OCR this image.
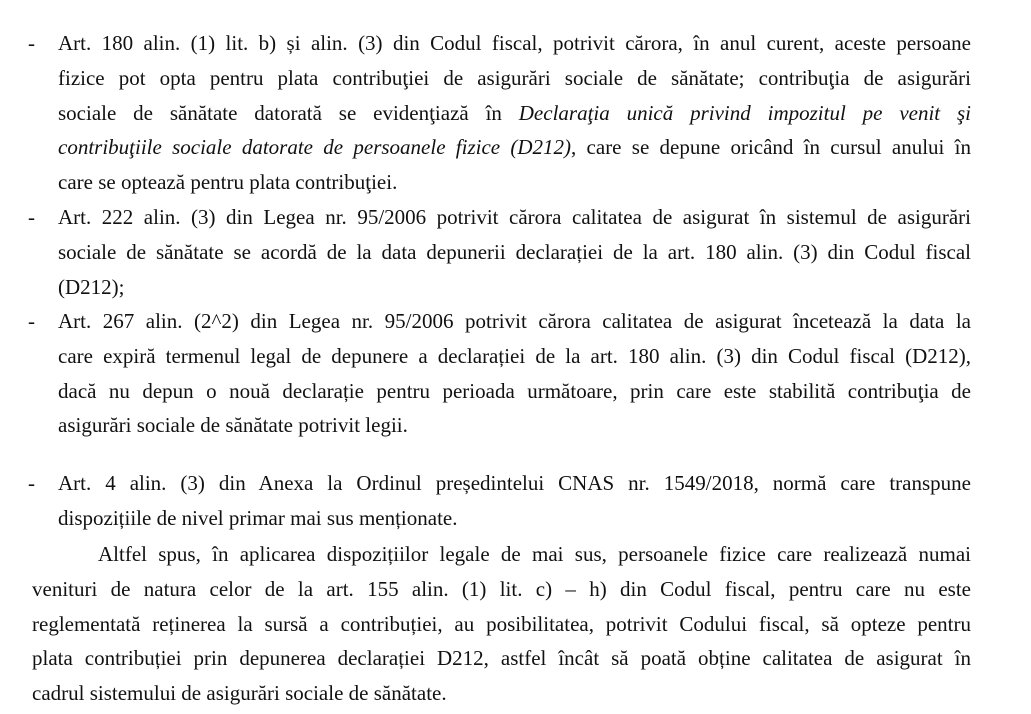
- Art. 180 alin. (1) lit. b) și alin. (3) din Codul fiscal, potrivit cărora, în anul curent, aceste persoane
fizice pot opta pentru plata contribuţiei de asigurări sociale de sănătate; contribuţia de asigurări
sociale de sănătate datorată se evidenţiază în Declaraţia unică privind impozitul pe venit şi
contribuţiile sociale datorate de persoanele fizice (D212), care se depune oricând în cursul anului în
care se optează pentru plata contribuţiei.
- Art. 222 alin. (3) din Legea nr. 95/2006 potrivit cărora calitatea de asigurat în sistemul de asigurări
sociale de sănătate se acordă de la data depunerii declarației de la art. 180 alin. (3) din Codul fiscal
(D212);
- Art. 267 alin. (2^2) din Legea nr. 95/2006 potrivit cărora calitatea de asigurat încetează la data la
care expiră termenul legal de depunere a declarației de la art. 180 alin. (3) din Codul fiscal (D212),
dacă nu depun o nouă declarație pentru perioada următoare, prin care este stabilită contribuţia de
asigurări sociale de sănătate potrivit legii.
- Art. 4 alin. (3) din Anexa la Ordinul președintelui CNAS nr. 1549/2018, normă care transpune
dispozițiile de nivel primar mai sus menționate.
Altfel spus, în aplicarea dispozițiilor legale de mai sus, persoanele fizice care realizează numai
venituri de natura celor de la art. 155 alin. (1) lit. c) – h) din Codul fiscal, pentru care nu este
reglementată reținerea la sursă a contribuției, au posibilitatea, potrivit Codului fiscal, să opteze pentru
plata contribuției prin depunerea declarației D212, astfel încât să poată obține calitatea de asigurat în
cadrul sistemului de asigurări sociale de sănătate.
